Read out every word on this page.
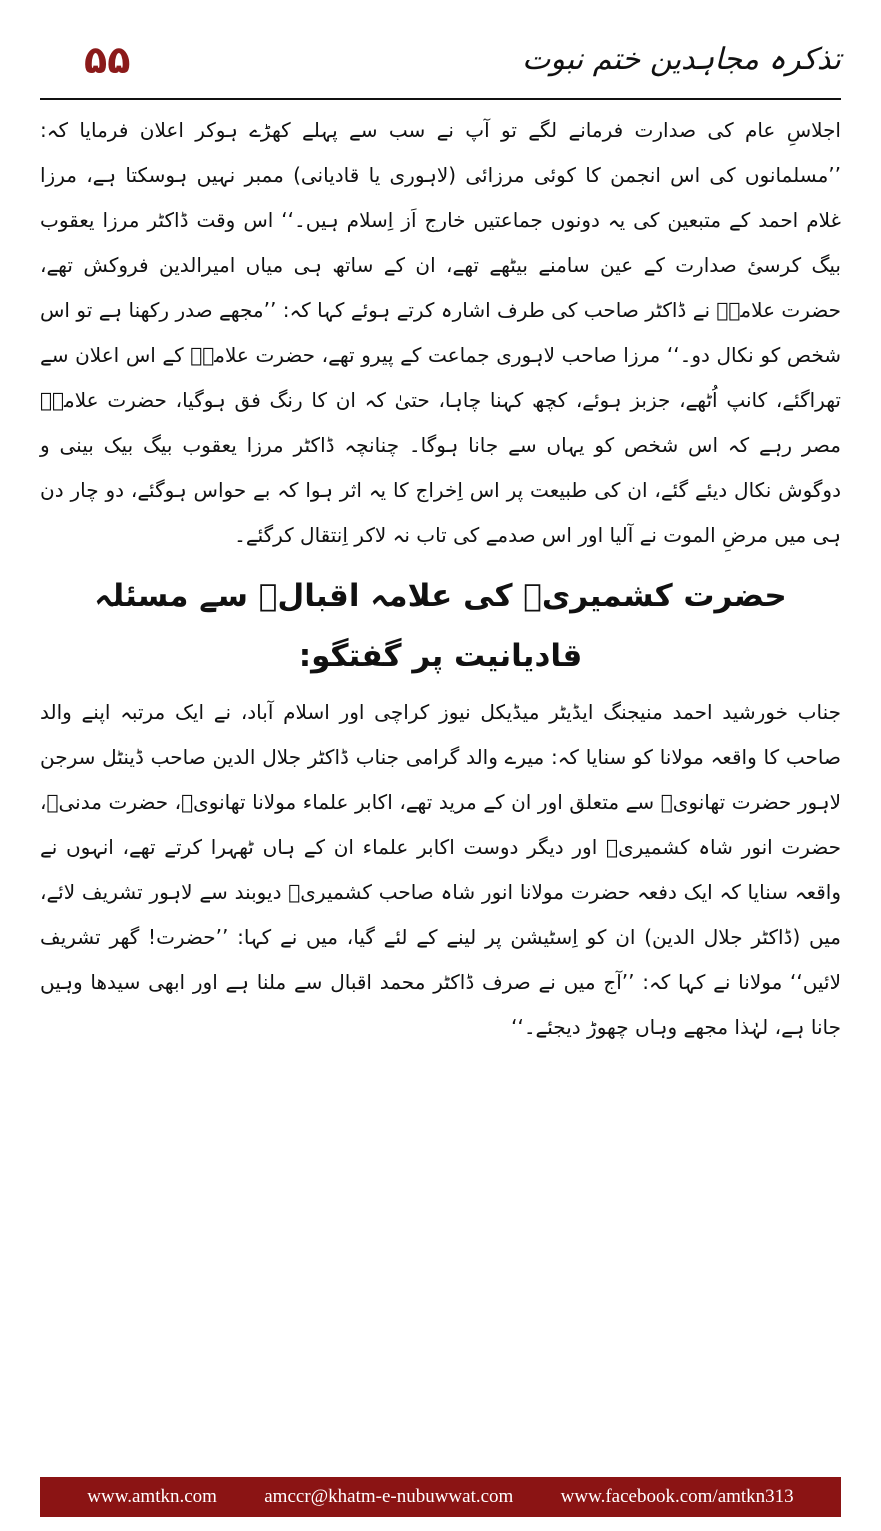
۵۵	تذکرہ مجاہدین ختم نبوت

اجلاسِ عام کی صدارت فرمانے لگے تو آپ نے سب سے پہلے کھڑے ہوکر اعلان فرمایا کہ: ’’مسلمانوں کی اس انجمن کا کوئی مرزائی (لاہوری یا قادیانی) ممبر نہیں ہوسکتا ہے، مرزا غلام احمد کے متبعین کی یہ دونوں جماعتیں خارج اَز اِسلام ہیں۔‘‘ اس وقت ڈاکٹر مرزا یعقوب بیگ کرسیٔ صدارت کے عین سامنے بیٹھے تھے، ان کے ساتھ ہی میاں امیرالدین فروکش تھے، حضرت علامہؒ نے ڈاکٹر صاحب کی طرف اشارہ کرتے ہوئے کہا کہ: ’’مجھے صدر رکھنا ہے تو اس شخص کو نکال دو۔‘‘ مرزا صاحب لاہوری جماعت کے پیرو تھے، حضرت علامہؒ کے اس اعلان سے تھراگئے، کانپ اُٹھے، جزبز ہوئے، کچھ کہنا چاہا، حتیٰ کہ ان کا رنگ فق ہوگیا، حضرت علامہؒ مصر رہے کہ اس شخص کو یہاں سے جانا ہوگا۔ چنانچہ ڈاکٹر مرزا یعقوب بیگ بیک بینی و دوگوش نکال دیئے گئے، ان کی طبیعت پر اس اِخراج کا یہ اثر ہوا کہ بے حواس ہوگئے، دو چار دن ہی میں مرضِ الموت نے آلیا اور اس صدمے کی تاب نہ لاکر اِنتقال کرگئے۔

حضرت کشمیریؒ کی علامہ اقبالؒ سے مسئلہ قادیانیت پر گفتگو:

جناب خورشید احمد منیجنگ ایڈیٹر میڈیکل نیوز کراچی اور اسلام آباد، نے ایک مرتبہ اپنے والد صاحب کا واقعہ مولانا کو سنایا کہ: میرے والد گرامی جناب ڈاکٹر جلال الدین صاحب ڈینٹل سرجن لاہور حضرت تھانویؒ سے متعلق اور ان کے مرید تھے، اکابر علماء مولانا تھانویؒ، حضرت مدنیؒ، حضرت انور شاہ کشمیریؒ اور دیگر دوست اکابر علماء ان کے ہاں ٹھہرا کرتے تھے، انہوں نے واقعہ سنایا کہ ایک دفعہ حضرت مولانا انور شاہ صاحب کشمیریؒ دیوبند سے لاہور تشریف لائے، میں (ڈاکٹر جلال الدین) ان کو اِسٹیشن پر لینے کے لئے گیا، میں نے کہا: ’’حضرت! گھر تشریف لائیں‘‘ مولانا نے کہا کہ: ’’آج میں نے صرف ڈاکٹر محمد اقبال سے ملنا ہے اور ابھی سیدھا وہیں جانا ہے، لہٰذا مجھے وہاں چھوڑ دیجئے۔‘‘

www.amtkn.com amccr@khatm-e-nubuwwat.com www.facebook.com/amtkn313
